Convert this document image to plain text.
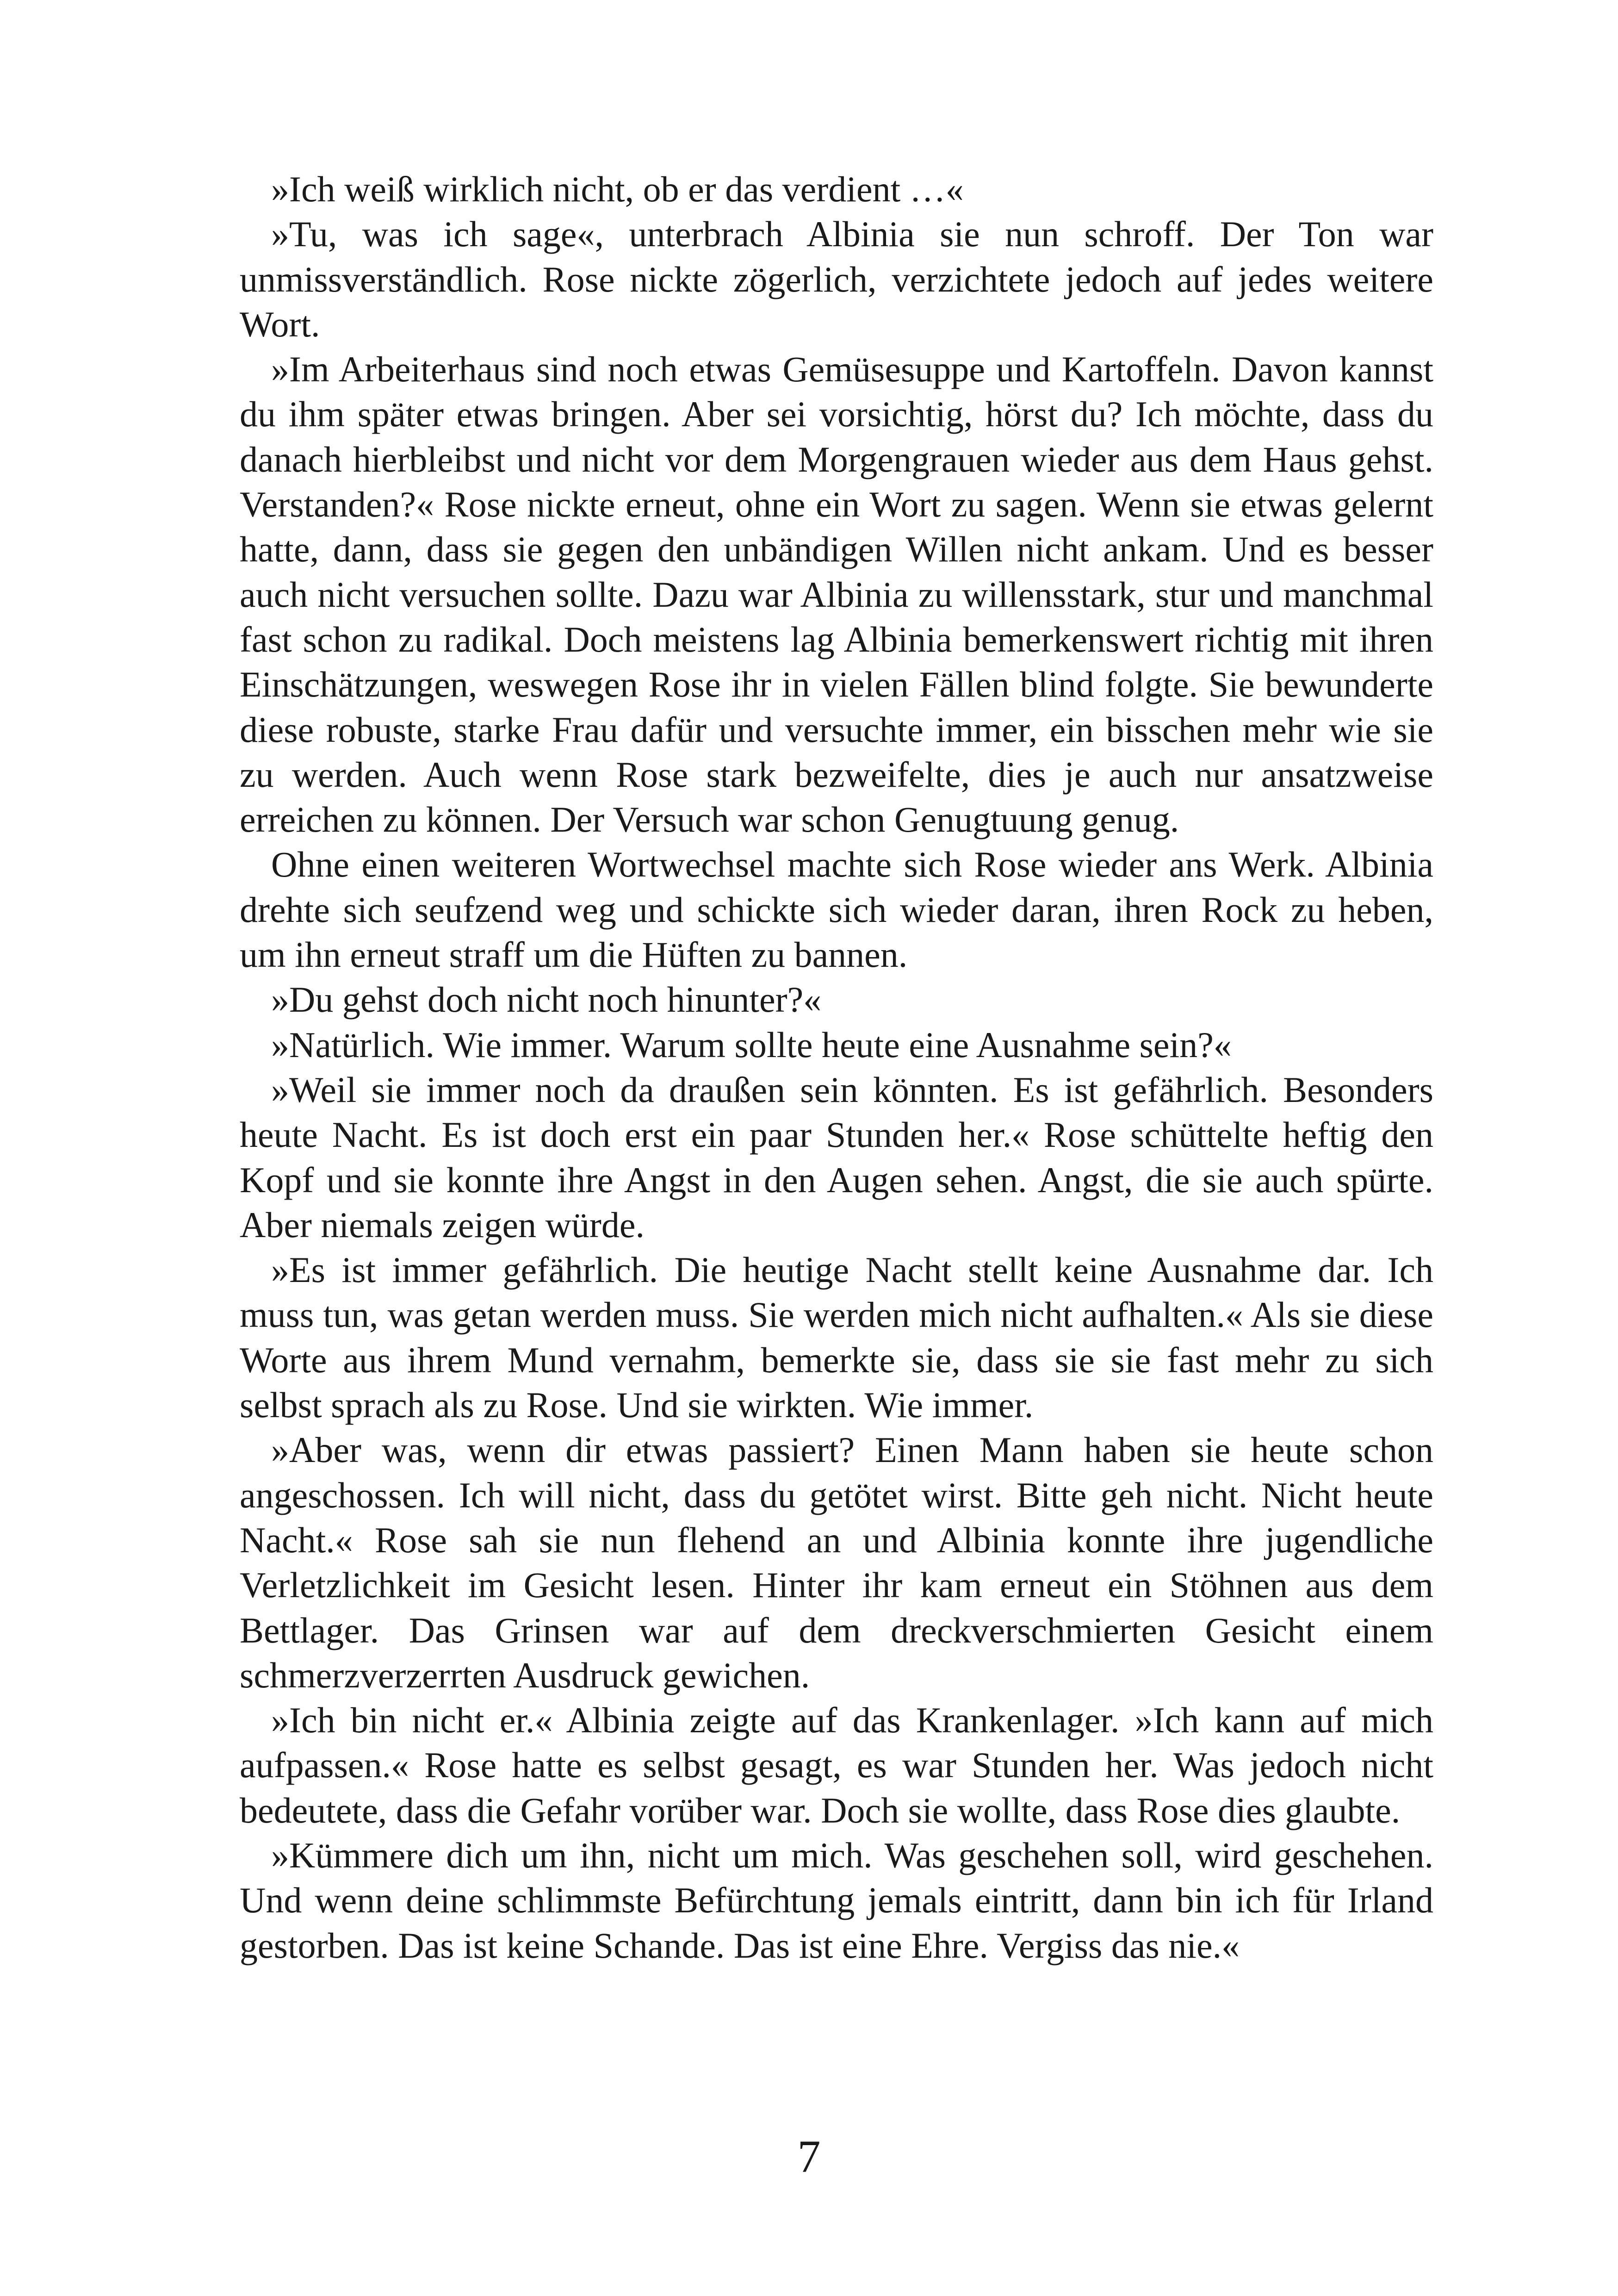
»Ich weiß wirklich nicht, ob er das verdient …«

»Tu, was ich sage«, unterbrach Albinia sie nun schroff. Der Ton war unmissverständlich. Rose nickte zögerlich, verzichtete jedoch auf jedes weitere Wort.

»Im Arbeiterhaus sind noch etwas Gemüsesuppe und Kartoffeln. Davon kannst du ihm später etwas bringen. Aber sei vorsichtig, hörst du? Ich möchte, dass du danach hierbleibst und nicht vor dem Morgengrauen wieder aus dem Haus gehst. Verstanden?« Rose nickte erneut, ohne ein Wort zu sagen. Wenn sie etwas gelernt hatte, dann, dass sie gegen den unbändigen Willen nicht ankam. Und es besser auch nicht versuchen sollte. Dazu war Albinia zu willensstark, stur und manchmal fast schon zu radikal. Doch meistens lag Albinia bemerkenswert richtig mit ihren Einschätzungen, weswegen Rose ihr in vielen Fällen blind folgte. Sie bewunderte diese robuste, starke Frau dafür und versuchte immer, ein bisschen mehr wie sie zu werden. Auch wenn Rose stark bezweifelte, dies je auch nur ansatzweise erreichen zu können. Der Versuch war schon Genugtuung genug.

Ohne einen weiteren Wortwechsel machte sich Rose wieder ans Werk. Albinia drehte sich seufzend weg und schickte sich wieder daran, ihren Rock zu heben, um ihn erneut straff um die Hüften zu bannen.

»Du gehst doch nicht noch hinunter?«

»Natürlich. Wie immer. Warum sollte heute eine Ausnahme sein?«

»Weil sie immer noch da draußen sein könnten. Es ist gefährlich. Besonders heute Nacht. Es ist doch erst ein paar Stunden her.« Rose schüttelte heftig den Kopf und sie konnte ihre Angst in den Augen sehen. Angst, die sie auch spürte. Aber niemals zeigen würde.

»Es ist immer gefährlich. Die heutige Nacht stellt keine Ausnahme dar. Ich muss tun, was getan werden muss. Sie werden mich nicht aufhalten.« Als sie diese Worte aus ihrem Mund vernahm, bemerkte sie, dass sie sie fast mehr zu sich selbst sprach als zu Rose. Und sie wirkten. Wie immer.

»Aber was, wenn dir etwas passiert? Einen Mann haben sie heute schon angeschossen. Ich will nicht, dass du getötet wirst. Bitte geh nicht. Nicht heute Nacht.« Rose sah sie nun flehend an und Albinia konnte ihre jugendliche Verletzlichkeit im Gesicht lesen. Hinter ihr kam erneut ein Stöhnen aus dem Bettlager. Das Grinsen war auf dem dreckverschmierten Gesicht einem schmerzverzerrten Ausdruck gewichen.

»Ich bin nicht er.« Albinia zeigte auf das Krankenlager. »Ich kann auf mich aufpassen.« Rose hatte es selbst gesagt, es war Stunden her. Was jedoch nicht bedeutete, dass die Gefahr vorüber war. Doch sie wollte, dass Rose dies glaubte.

»Kümmere dich um ihn, nicht um mich. Was geschehen soll, wird geschehen. Und wenn deine schlimmste Befürchtung jemals eintritt, dann bin ich für Irland gestorben. Das ist keine Schande. Das ist eine Ehre. Vergiss das nie.«

7
